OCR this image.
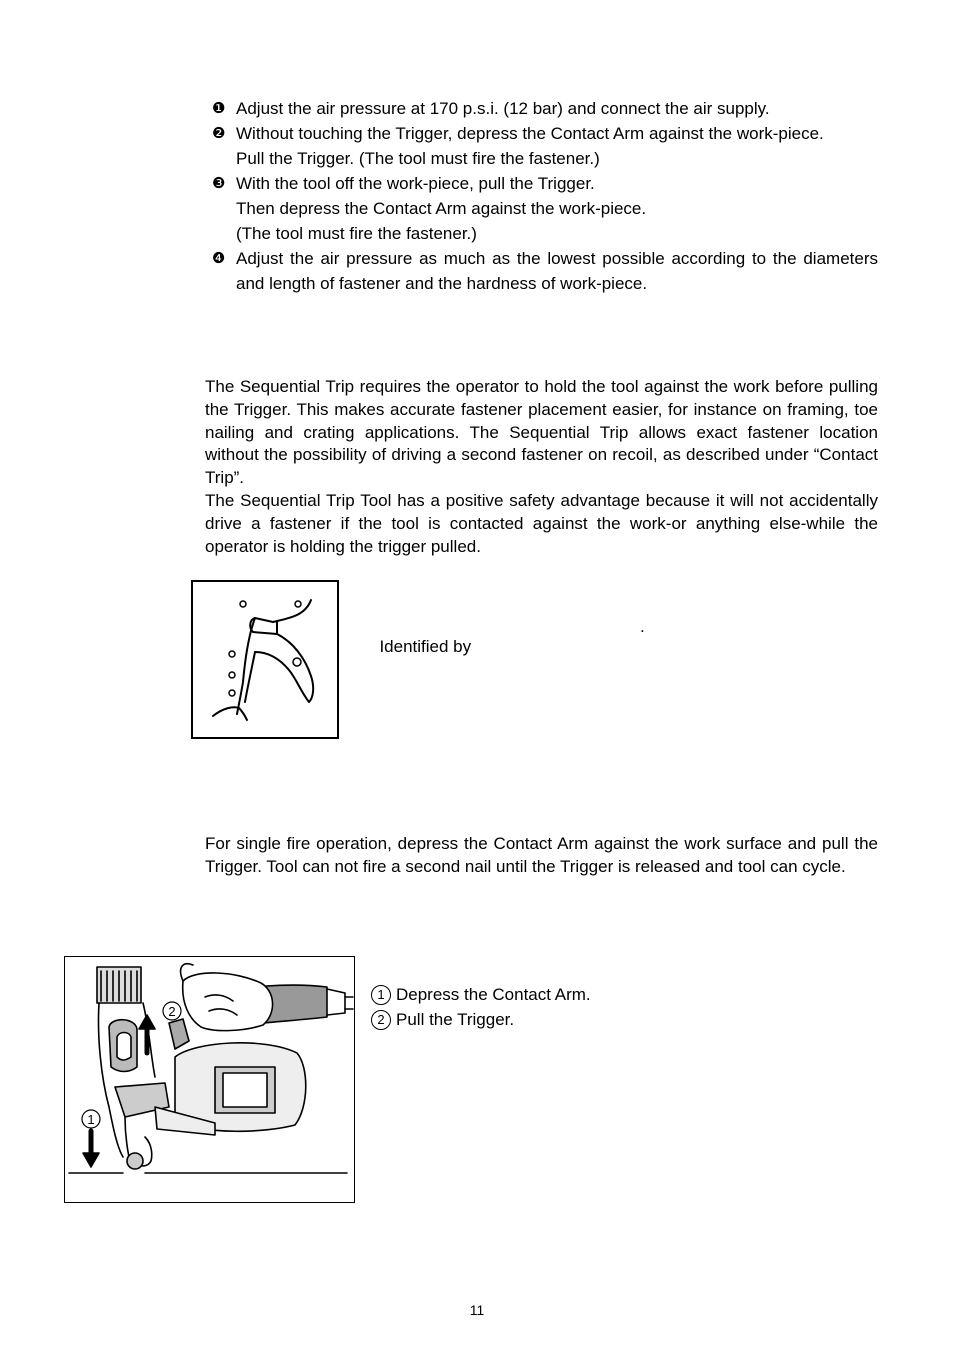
❶ Adjust the air pressure at 170 p.s.i. (12 bar) and connect the air supply.
❷ Without touching the Trigger, depress the Contact Arm against the work-piece.
Pull the Trigger. (The tool must fire the fastener.)
❸ With the tool off the work-piece, pull the Trigger.
Then depress the Contact Arm against the work-piece.
(The tool must fire the fastener.)
❹ Adjust the air pressure as much as the lowest possible according to the diameters and length of fastener and the hardness of work-piece.

The Sequential Trip requires the operator to hold the tool against the work before pulling the Trigger. This makes accurate fastener placement easier, for instance on framing, toe nailing and crating applications. The Sequential Trip allows exact fastener location without the possibility of driving a second fastener on recoil, as described under “Contact Trip”.

The Sequential Trip Tool has a positive safety advantage because it will not accidentally drive a fastener if the tool is contacted against the work-or anything else-while the operator is holding the trigger pulled.

Identified by

.

For single fire operation, depress the Contact Arm against the work surface and pull the Trigger. Tool can not fire a second nail until the Trigger is released and tool can cycle.

2
1
1 Depress the Contact Arm.
2 Pull the Trigger.
11
